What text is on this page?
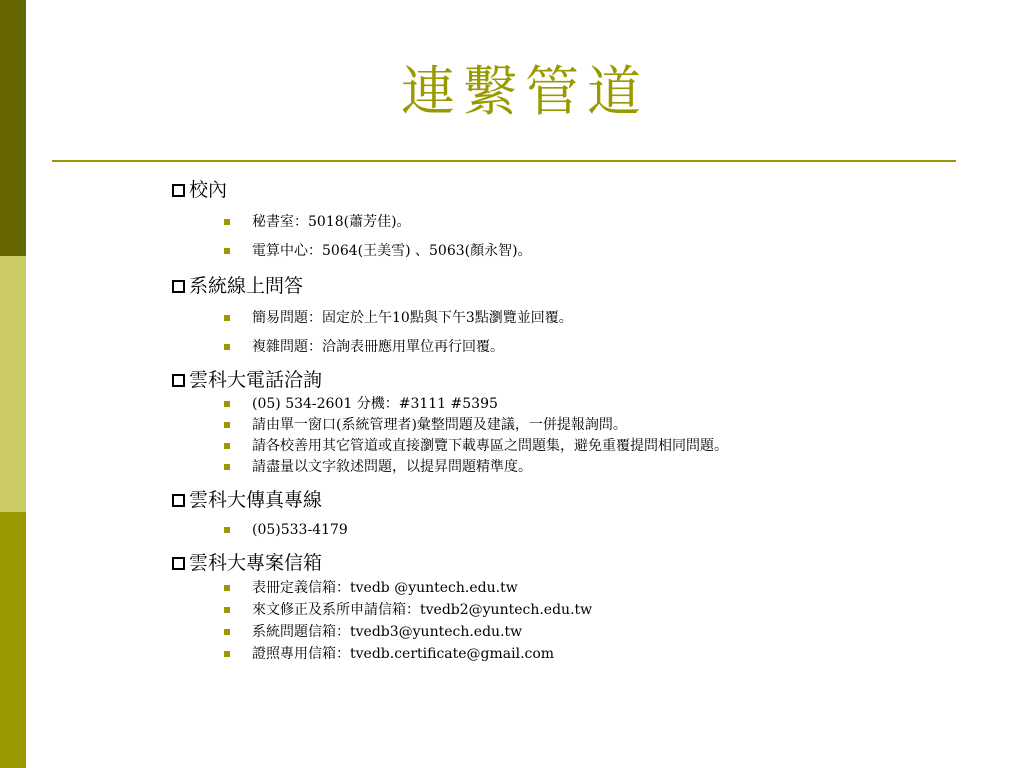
連繫管道
校內
秘書室：5018(蕭芳佳)。
電算中心：5064(王美雪) 、5063(顏永智)。
系統線上問答
簡易問題：固定於上午10點與下午3點瀏覽並回覆。
複雜問題：洽詢表冊應用單位再行回覆。
雲科大電話洽詢
(05) 534-2601 分機：#3111 #5395
請由單一窗口(系統管理者)彙整問題及建議，一併提報詢問。
請各校善用其它管道或直接瀏覽下載專區之問題集，避免重覆提問相同問題。
請盡量以文字敘述問題，以提昇問題精準度。
雲科大傳真專線
(05)533-4179
雲科大專案信箱
表冊定義信箱：tvedb @yuntech.edu.tw
來文修正及系所申請信箱：tvedb2@yuntech.edu.tw
系統問題信箱：tvedb3@yuntech.edu.tw
證照專用信箱：tvedb.certificate@gmail.com
